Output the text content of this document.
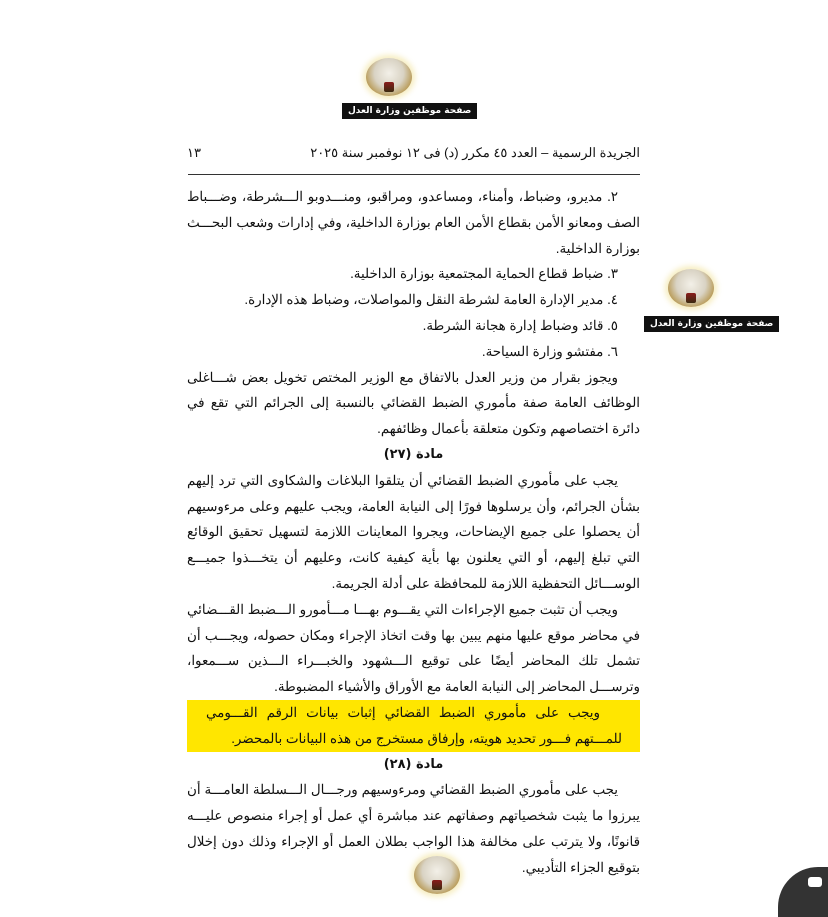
صفحة موظفين وزارة العدل
صفحة موظفين وزارة العدل
الجريدة الرسمية – العدد ٤٥ مكرر (د) فى ١٢ نوفمبر سنة ٢٠٢٥
١٣

٢. مديرو، وضباط، وأمناء، ومساعدو، ومراقبو، ومنـــدوبو الـــشرطة، وضـــباط الصف ومعانو الأمن بقطاع الأمن العام بوزارة الداخلية، وفي إدارات وشعب البحـــث بوزارة الداخلية.

٣. ضباط قطاع الحماية المجتمعية بوزارة الداخلية.

٤. مدير الإدارة العامة لشرطة النقل والمواصلات، وضباط هذه الإدارة.

٥. قائد وضباط إدارة هجانة الشرطة.

٦. مفتشو وزارة السياحة.

ويجوز بقرار من وزير العدل بالاتفاق مع الوزير المختص تخويل بعض شـــاغلى الوظائف العامة صفة مأموري الضبط القضائي بالنسبة إلى الجرائم التي تقع في دائرة اختصاصهم وتكون متعلقة بأعمال وظائفهم.

مادة (٢٧)

يجب على مأموري الضبط القضائي أن يتلقوا البلاغات والشكاوى التي ترد إليهم بشأن الجرائم، وأن يرسلوها فورًا إلى النيابة العامة، ويجب عليهم وعلى مرءوسيهم أن يحصلوا على جميع الإيضاحات، ويجروا المعاينات اللازمة لتسهيل تحقيق الوقائع التي تبلغ إليهم، أو التي يعلنون بها بأية كيفية كانت، وعليهم أن يتخـــذوا جميـــع الوســـائل التحفظية اللازمة للمحافظة على أدلة الجريمة.

ويجب أن تثبت جميع الإجراءات التي يقـــوم بهـــا مـــأمورو الـــضبط القـــضائي في محاضر موقع عليها منهم يبين بها وقت اتخاذ الإجراء ومكان حصوله، ويجـــب أن تشمل تلك المحاضر أيضًا على توقيع الـــشهود والخبـــراء الـــذين ســـمعوا، وترســـل المحاضر إلى النيابة العامة مع الأوراق والأشياء المضبوطة.

ويجب على مأموري الضبط القضائي إثبات بيانات الرقم القـــومي للمـــتهم فـــور تحديد هويته، وإرفاق مستخرج من هذه البيانات بالمحضر.

مادة (٢٨)

يجب على مأموري الضبط القضائي ومرءوسيهم ورجـــال الـــسلطة العامـــة أن يبرزوا ما يثبت شخصياتهم وصفاتهم عند مباشرة أي عمل أو إجراء منصوص عليـــه قانونًا، ولا يترتب على مخالفة هذا الواجب بطلان العمل أو الإجراء وذلك دون إخلال بتوقيع الجزاء التأديبي.
